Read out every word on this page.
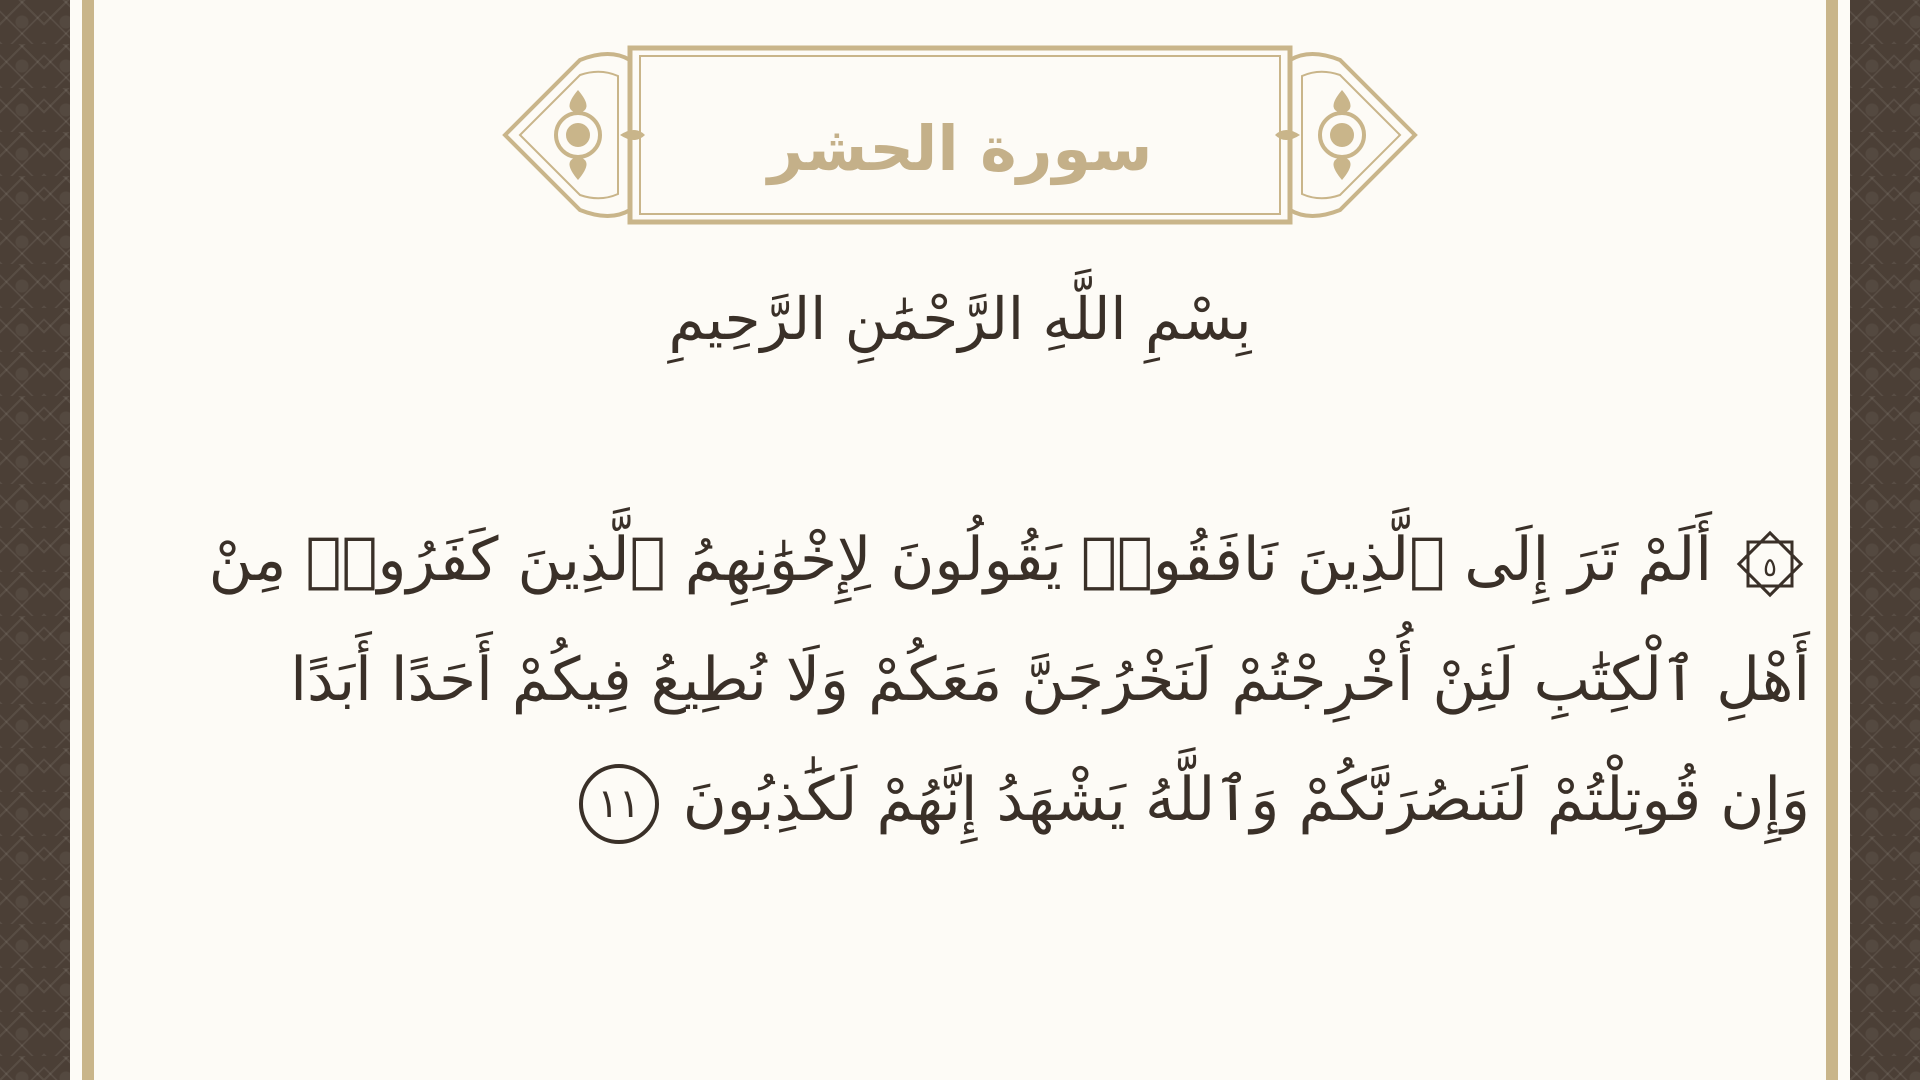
سورة الحشر
بِسْمِ اللَّهِ الرَّحْمَٰنِ الرَّحِيمِ
٥
أَلَمْ تَرَ إِلَى ٱلَّذِينَ نَافَقُوا۟ يَقُولُونَ لِإِخْوَٰنِهِمُ ٱلَّذِينَ كَفَرُوا۟ مِنْ
أَهْلِ ٱلْكِتَٰبِ لَئِنْ أُخْرِجْتُمْ لَنَخْرُجَنَّ مَعَكُمْ وَلَا نُطِيعُ فِيكُمْ أَحَدًا أَبَدًا
وَإِن قُوتِلْتُمْ لَنَنصُرَنَّكُمْ وَٱللَّهُ يَشْهَدُ إِنَّهُمْ لَكَٰذِبُونَ١١
